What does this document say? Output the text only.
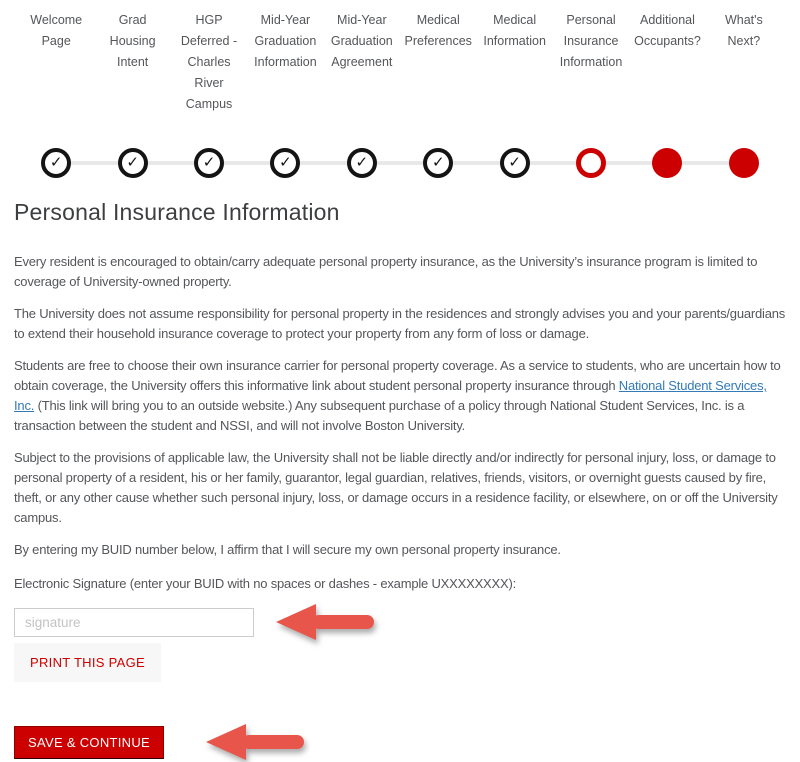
Welcome Page
Grad Housing Intent
HGP Deferred - Charles River Campus
Mid-Year Graduation Information
Mid-Year Graduation Agreement
Medical Preferences
Medical Information
Personal Insurance Information
Additional Occupants?
What's Next?
✓	✓	✓	✓	✓	✓	✓
Personal Insurance Information

Every resident is encouraged to obtain/carry adequate personal property insurance, as the University’s insurance program is limited to coverage of University-owned property.

The University does not assume responsibility for personal property in the residences and strongly advises you and your parents/guardians to extend their household insurance coverage to protect your property from any form of loss or damage.

Students are free to choose their own insurance carrier for personal property coverage. As a service to students, who are uncertain how to obtain coverage, the University offers this informative link about student personal property insurance through National Student Services, Inc. (This link will bring you to an outside website.) Any subsequent purchase of a policy through National Student Services, Inc. is a transaction between the student and NSSI, and will not involve Boston University.

Subject to the provisions of applicable law, the University shall not be liable directly and/or indirectly for personal injury, loss, or damage to personal property of a resident, his or her family, guarantor, legal guardian, relatives, friends, visitors, or overnight guests caused by fire, theft, or any other cause whether such personal injury, loss, or damage occurs in a residence facility, or elsewhere, on or off the University campus.

By entering my BUID number below, I affirm that I will secure my own personal property insurance.

Electronic Signature (enter your BUID with no spaces or dashes - example UXXXXXXXX):
signature
PRINT THIS PAGE
SAVE & CONTINUE
